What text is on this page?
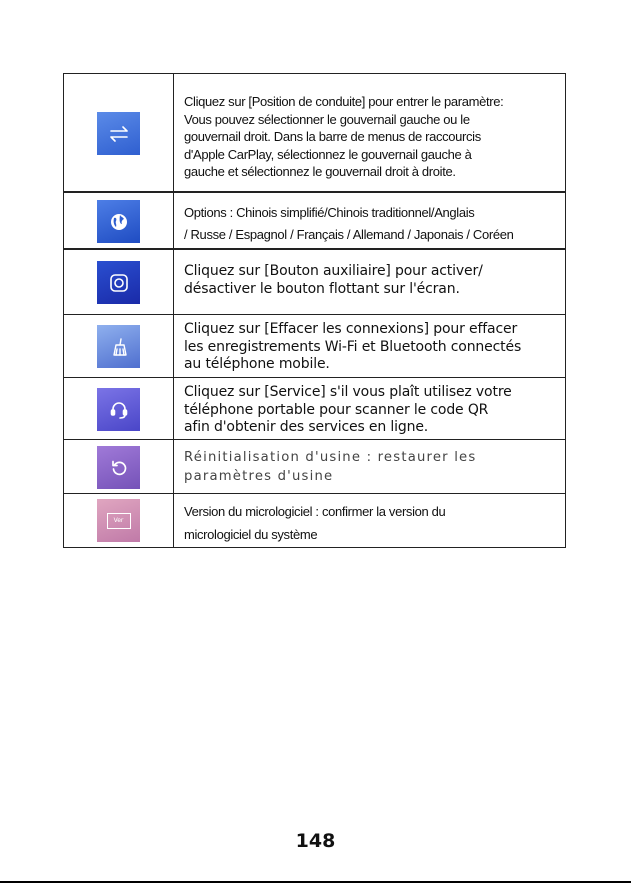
Cliquez sur [Position de conduite] pour entrer le paramètre:
Vous pouvez sélectionner le gouvernail gauche ou le
gouvernail droit. Dans la barre de menus de raccourcis
d'Apple CarPlay, sélectionnez le gouvernail gauche à
gauche et sélectionnez le gouvernail droit à droite.
Options : Chinois simplifié/Chinois traditionnel/Anglais
/ Russe / Espagnol / Français / Allemand / Japonais / Coréen
Cliquez sur [Bouton auxiliaire] pour activer/
désactiver le bouton flottant sur l'écran.
Cliquez sur [Effacer les connexions] pour effacer
les enregistrements Wi-Fi et Bluetooth connectés
au téléphone mobile.
Cliquez sur [Service] s'il vous plaît utilisez votre
téléphone portable pour scanner le code QR
afin d'obtenir des services en ligne.
Réinitialisation d'usine : restaurer les
paramètres d'usine
Ver
Version du micrologiciel : confirmer la version du
micrologiciel du système
148
